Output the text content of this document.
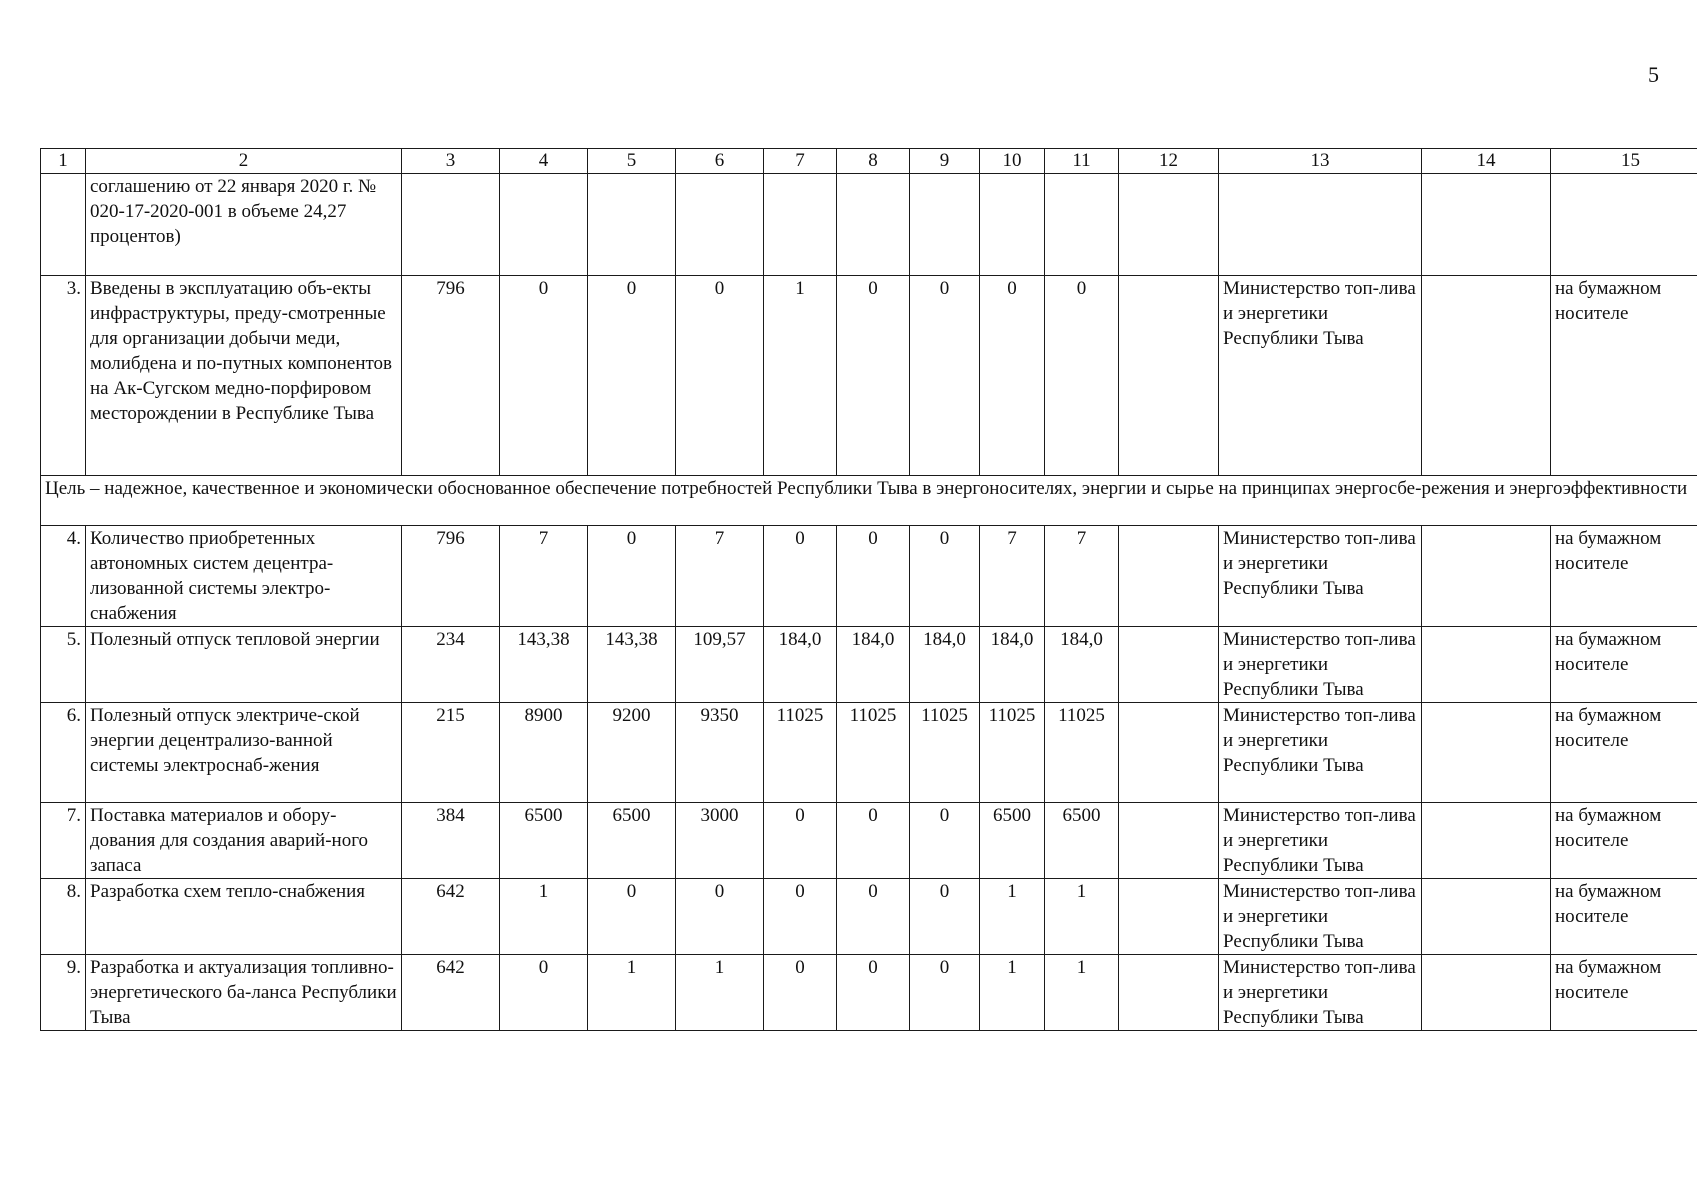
5
1	2	3	4	5	6	7	8	9	10	11	12	13	14	15
	соглашению от 22 января 2020 г. № 020-17-2020-001 в объеме 24,27 процентов)													
3.	Введены в эксплуатацию объ-екты инфраструктуры, преду-смотренные для организации добычи меди, молибдена и по-путных компонентов на Ак-Сугском медно-порфировом месторождении в Республике Тыва	796	0	0	0	1	0	0	0	0		Министерство топ-лива и энергетики Республики Тыва		на бумажном носителе
Цель – надежное, качественное и экономически обоснованное обеспечение потребностей Республики Тыва в энергоносителях, энергии и сырье на принципах энергосбе-режения и энергоэффективности														
4.	Количество приобретенных автономных систем децентра-лизованной системы электро-снабжения	796	7	0	7	0	0	0	7	7		Министерство топ-лива и энергетики Республики Тыва		на бумажном носителе
5.	Полезный отпуск тепловой энергии	234	143,38	143,38	109,57	184,0	184,0	184,0	184,0	184,0		Министерство топ-лива и энергетики Республики Тыва		на бумажном носителе
6.	Полезный отпуск электриче-ской энергии децентрализо-ванной системы электроснаб-жения	215	8900	9200	9350	11025	11025	11025	11025	11025		Министерство топ-лива и энергетики Республики Тыва		на бумажном носителе
7.	Поставка материалов и обору-дования для создания аварий-ного запаса	384	6500	6500	3000	0	0	0	6500	6500		Министерство топ-лива и энергетики Республики Тыва		на бумажном носителе
8.	Разработка схем тепло-снабжения	642	1	0	0	0	0	0	1	1		Министерство топ-лива и энергетики Республики Тыва		на бумажном носителе
9.	Разработка и актуализация топливно-энергетического ба-ланса Республики Тыва	642	0	1	1	0	0	0	1	1		Министерство топ-лива и энергетики Республики Тыва		на бумажном носителе
